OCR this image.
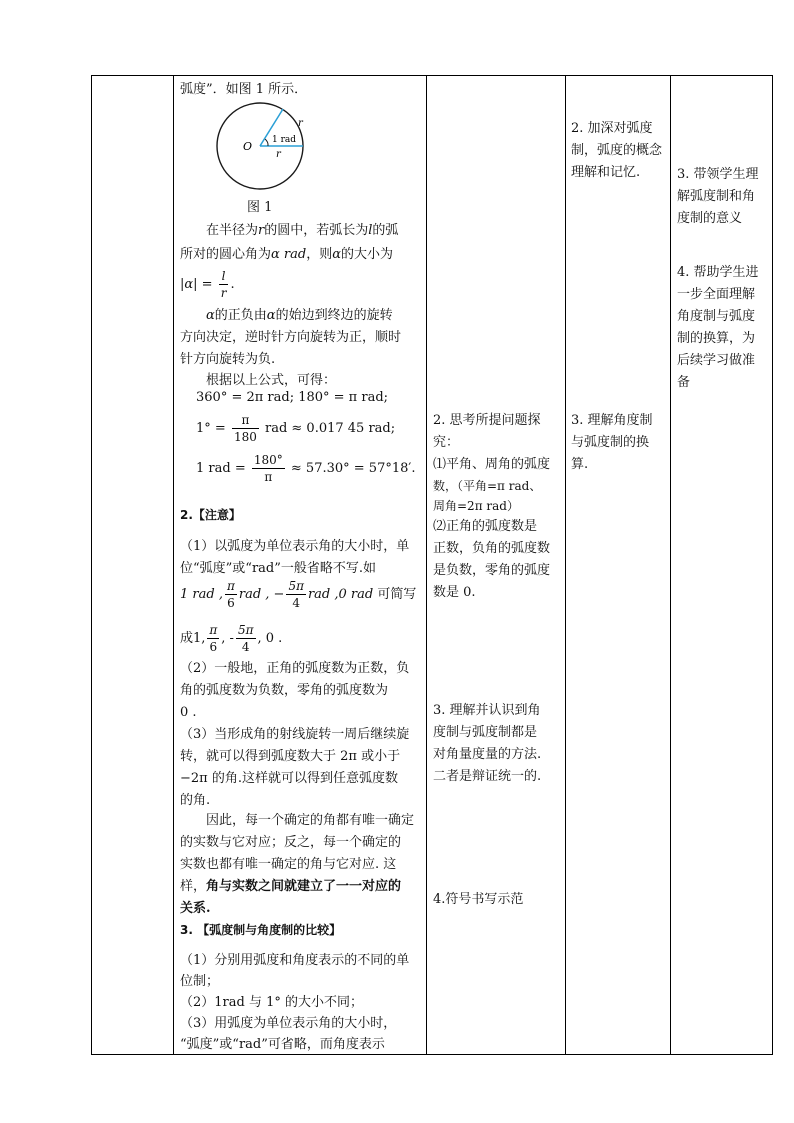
弧度”．如图 1 所示．
O
r
1 rad
r
图 1
在半径为r的圆中，若弧长为l的弧
所对的圆心角为α rad，则α的大小为
$|\alpha| = \frac{l}{r}$ .
α的正负由α的始边到终边的旋转
方向决定，逆时针方向旋转为正，顺时
针方向旋转为负.
根据以上公式，可得：
360° = 2π rad; 180° = π rad;
$1^\circ = \frac{\pi}{180}$ rad ≈ 0.017 45 rad;
1 rad = $\frac{180^\circ}{\pi} \approx 57.30^\circ = 57^\circ 18'$.
2.【注意】
（1）以弧度为单位表示角的大小时，单
位“弧度”或“rad”一般省略不写.如
1 rad , $\frac{\pi}{6}$ rad , − $\frac{5\pi}{4}$ rad ,0 rad 可简写
成1, $\frac{\pi}{6}$ , - $\frac{5\pi}{4}$ , 0 .
（2）一般地，正角的弧度数为正数，负
角的弧度数为负数，零角的弧度数为
0 .
（3）当形成角的射线旋转一周后继续旋
转，就可以得到弧度数大于 2π 或小于
−2π 的角.这样就可以得到任意弧度数
的角.
因此，每一个确定的角都有唯一确定
的实数与它对应；反之，每一个确定的
实数也都有唯一确定的角与它对应. 这
样，角与实数之间就建立了一一对应的
关系.
3. 【弧度制与角度制的比较】
（1）分别用弧度和角度表示的不同的单
位制；
（2）1rad 与 1° 的大小不同；
（3）用弧度为单位表示角的大小时，
“弧度”或“rad”可省略，而角度表示
2. 思考所提问题探
究：
⑴平角、周角的弧度
数，（平角=π rad、
周角=2π rad）
⑵正角的弧度数是
正数，负角的弧度数
是负数，零角的弧度
数是 0.
3. 理解并认识到角
度制与弧度制都是
对角量度量的方法.
二者是辩证统一的.
4.符号书写示范
2. 加深对弧度
制，弧度的概念
理解和记忆.
3. 理解角度制
与弧度制的换
算.
3. 带领学生理
解弧度制和角
度制的意义
4. 帮助学生进
一步全面理解
角度制与弧度
制的换算，为
后续学习做准
备
